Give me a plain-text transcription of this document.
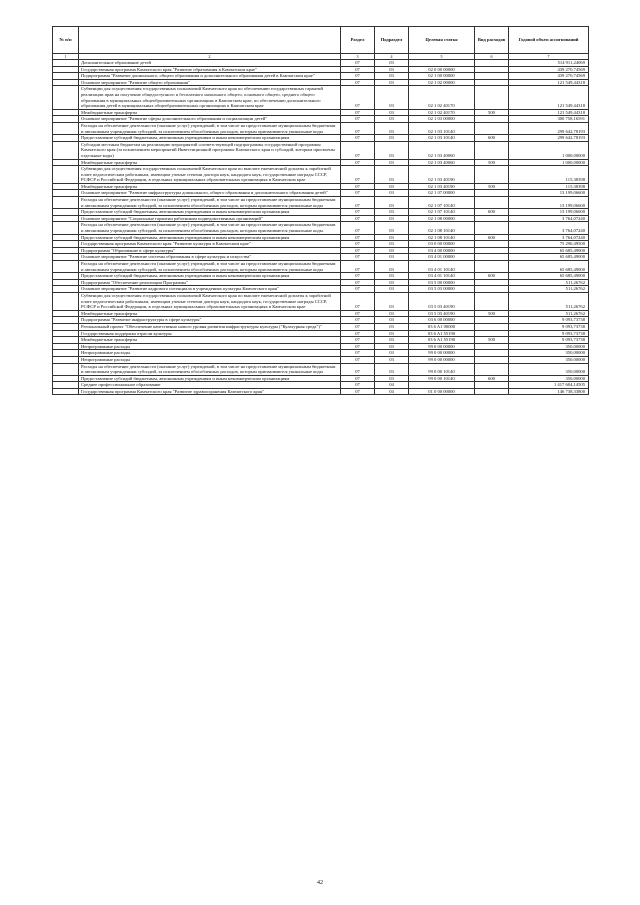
№ п/п		Раздел	Подраздел	Целевая статья	Вид расходов	Годовой объем ассигнований
1	2	3	4	5	6	7
	Дополнительное образование детей	07	03			514 911,24069
	Государственная программа Камчатского края "Развитие образования в Камчатском крае"	07	03	02 0 00 00000		439 270,74569
	Подпрограмма "Развитие дошкольного, общего образования и дополнительного образования детей в Камчатском крае"	07	03	02 1 00 00000		439 270,74569
	Основное мероприятие "Развитие общего образования"	07	03	02 1 02 00000		121 549,44318
	Субвенции для осуществления государственных полномочий Камчатского края по обеспечению государственных гарантий реализации прав на получение общедоступного и бесплатного начального общего, основного общего, среднего общего образования в муниципальных общеобразовательных организациях в Камчатском крае, по обеспечению дополнительного образования детей в муниципальных общеобразовательных организациях в Камчатском крае	07	03	02 1 02 40170		121 549,44318
	Межбюджетные трансферты	07	03	02 1 02 40170	500	121 549,44318
	Основное мероприятие "Развитие сферы дополнительного образования и социализации детей"	07	03	02 1 03 00000		300 758,16591
	Расходы на обеспечение деятельности (оказание услуг) учреждений, в том числе на предоставление муниципальным бюджетным и автономным учреждениям субсидий, за исключением обособленных расходов, которым присваиваются уникальные коды	07	03	02 1 03 10140		299 642,78193
	Предоставление субсидий бюджетным, автономным учреждениям и иным некоммерческим организациям	07	03	02 1 03 10140	600	299 642,78193
	Субсидии местным бюджетам на реализацию мероприятий соответствующей подпрограммы государственной программы Камчатского края (за исключением мероприятий Инвестиционной программы Камчатского края и субсидий, которым присвоены отдельные коды)	07	03	02 1 03 40060		1 000,00000
	Межбюджетные трансферты	07	03	02 1 03 40060	500	1 000,00000
	Субвенции для осуществления государственных полномочий Камчатского края по выплате ежемесячной доплаты к заработной плате педагогическим работникам, имеющим ученые степени доктора наук, кандидата наук, государственные награды СССР, РСФСР и Российской Федерации, в отдельных муниципальных образовательных организациях в Камчатском крае	07	03	02 1 03 40190		115,38398
	Межбюджетные трансферты	07	03	02 1 03 40190	500	115,38398
	Основное мероприятие "Развитие инфраструктуры дошкольного, общего образования и дополнительного образования детей"	07	03	02 1 07 00000		13 199,06600
	Расходы на обеспечение деятельности (оказание услуг) учреждений, в том числе на предоставление муниципальным бюджетным и автономным учреждениям субсидий, за исключением обособленных расходов, которым присваиваются уникальные коды	07	03	02 1 07 10140		13 199,06600
	Предоставление субсидий бюджетным, автономным учреждениям и иным некоммерческим организациям	07	03	02 1 07 10140	600	13 199,06600
	Основное мероприятие "Социальные гарантии работникам подведомственных организаций"	07	03	02 1 08 00000		3 764,07240
	Расходы на обеспечение деятельности (оказание услуг) учреждений, в том числе на предоставление муниципальным бюджетным и автономным учреждениям субсидий, за исключением обособленных расходов, которым присваиваются уникальные коды	07	03	02 1 08 10140		3 764,07240
	Предоставление субсидий бюджетным, автономным учреждениям и иным некоммерческим организациям	07	03	02 1 08 10140	600	3 764,07240
	Государственная программа Камчатского края "Развитие культуры в Камчатском крае"	07	03	03 0 00 00000		75 290,49500
	Подпрограмма "Образование в сфере культуры"	07	03	03 4 00 00000		65 685,49000
	Основное мероприятие "Развитие системы образования в сфере культуры и искусства"	07	03	03 4 01 00000		65 685,49000
	Расходы на обеспечение деятельности (оказание услуг) учреждений, в том числе на предоставление муниципальным бюджетным и автономным учреждениям субсидий, за исключением обособленных расходов, которым присваиваются уникальные коды	07	03	03 4 01 10140		65 685,49000
	Предоставление субсидий бюджетным, автономным учреждениям и иным некоммерческим организациям	07	03	03 4 01 10140	600	65 685,49000
	Подпрограмма "Обеспечение реализации Программы"	07	03	03 5 00 00000		511,26762
	Основное мероприятие "Развитие кадрового потенциала в учреждениях культуры Камчатского края"	07	03	03 5 03 00000		511,26762
	Субвенции для осуществления государственных полномочий Камчатского края по выплате ежемесячной доплаты к заработной плате педагогическим работникам, имеющим ученые степени доктора наук, кандидата наук, государственные награды СССР, РСФСР и Российской Федерации, в отдельных муниципальных образовательных организациях в Камчатском крае	07	03	03 5 03 40190		511,26762
	Межбюджетные трансферты	07	03	03 5 03 40190	500	511,26762
	Подпрограмма "Развитие инфраструктуры в сфере культуры"	07	03	03 6 00 00000		9 093,73738
	Региональный проект "Обеспечение качественно нового уровня развития инфраструктуры культуры ("Культурная среда")"	07	03	03 6 A1 00000		9 093,73738
	Государственная поддержка отрасли культуры	07	03	03 6 A1 55190		9 093,73738
	Межбюджетные трансферты	07	03	03 6 A1 55190	500	9 093,73738
	Непрограммные расходы	07	03	99 0 00 00000		350,00000
	Непрограммные расходы	07	03	99 0 00 00000		350,00000
	Непрограммные расходы	07	03	99 0 00 00000		350,00000
	Расходы на обеспечение деятельности (оказание услуг) учреждений, в том числе на предоставление муниципальным бюджетным и автономным учреждениям субсидий, за исключением обособленных расходов, которым присваиваются уникальные коды	07	03	99 0 00 10140		350,00000
	Предоставление субсидий бюджетным, автономным учреждениям и иным некоммерческим организациям	07	03	99 0 00 10140	600	350,00000
	Среднее профессиональное образование	07	04			1 417 604,14505
	Государственная программа Камчатского края "Развитие здравоохранения Камчатского края"	07	04	01 0 00 00000		146 738,33800
42
